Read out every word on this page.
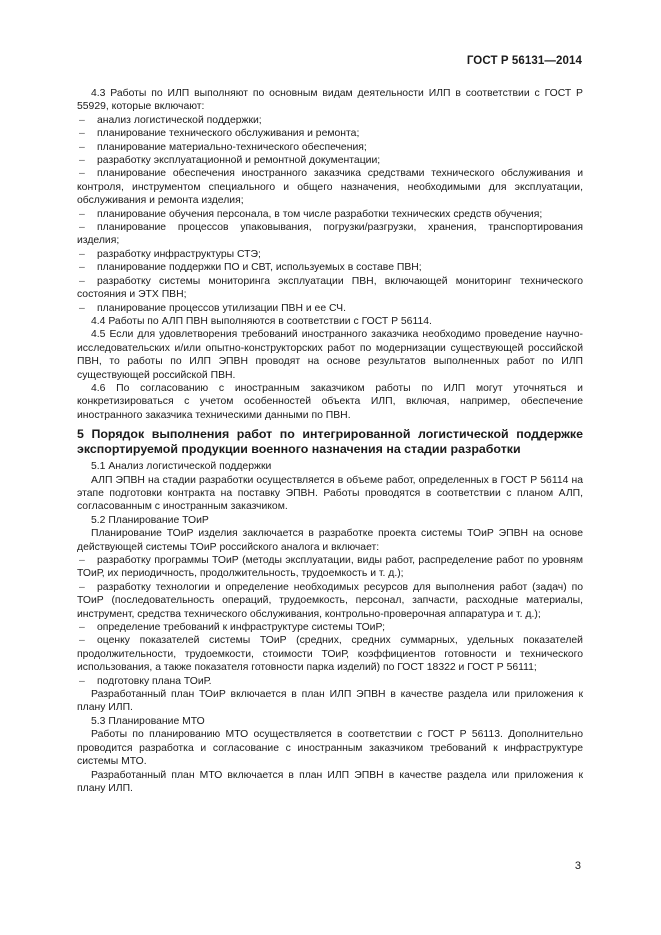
ГОСТ Р 56131—2014

4.3 Работы по ИЛП выполняют по основным видам деятельности ИЛП в соответствии с ГОСТ Р 55929, которые включают:

– анализ логистической поддержки;

– планирование технического обслуживания и ремонта;

– планирование материально-технического обеспечения;

– разработку эксплуатационной и ремонтной документации;

– планирование обеспечения иностранного заказчика средствами технического обслуживания и контроля, инструментом специального и общего назначения, необходимыми для эксплуатации, обслуживания и ремонта изделия;

– планирование обучения персонала, в том числе разработки технических средств обучения;

– планирование процессов упаковывания, погрузки/разгрузки, хранения, транспортирования изделия;

– разработку инфраструктуры СТЭ;

– планирование поддержки ПО и СВТ, используемых в составе ПВН;

– разработку системы мониторинга эксплуатации ПВН, включающей мониторинг технического состояния и ЭТХ ПВН;

– планирование процессов утилизации ПВН и ее СЧ.

4.4 Работы по АЛП ПВН выполняются в соответствии с ГОСТ Р 56114.

4.5 Если для удовлетворения требований иностранного заказчика необходимо проведение научно-исследовательских и/или опытно-конструкторских работ по модернизации существующей российской ПВН, то работы по ИЛП ЭПВН проводят на основе результатов выполненных работ по ИЛП существующей российской ПВН.

4.6 По согласованию с иностранным заказчиком работы по ИЛП могут уточняться и конкретизироваться с учетом особенностей объекта ИЛП, включая, например, обеспечение иностранного заказчика техническими данными по ПВН.

5 Порядок выполнения работ по интегрированной логистической поддержке экспортируемой продукции военного назначения на стадии разработки

5.1 Анализ логистической поддержки

АЛП ЭПВН на стадии разработки осуществляется в объеме работ, определенных в ГОСТ Р 56114 на этапе подготовки контракта на поставку ЭПВН. Работы проводятся в соответствии с планом АЛП, согласованным с иностранным заказчиком.

5.2 Планирование ТОиР

Планирование ТОиР изделия заключается в разработке проекта системы ТОиР ЭПВН на основе действующей системы ТОиР российского аналога и включает:

– разработку программы ТОиР (методы эксплуатации, виды работ, распределение работ по уровням ТОиР, их периодичность, продолжительность, трудоемкость и т. д.);

– разработку технологии и определение необходимых ресурсов для выполнения работ (задач) по ТОиР (последовательность операций, трудоемкость, персонал, запчасти, расходные материалы, инструмент, средства технического обслуживания, контрольно-проверочная аппаратура и т. д.);

– определение требований к инфраструктуре системы ТОиР;

– оценку показателей системы ТОиР (средних, средних суммарных, удельных показателей продолжительности, трудоемкости, стоимости ТОиР, коэффициентов готовности и технического использования, а также показателя готовности парка изделий) по ГОСТ 18322 и ГОСТ Р 56111;

– подготовку плана ТОиР.

Разработанный план ТОиР включается в план ИЛП ЭПВН в качестве раздела или приложения к плану ИЛП.

5.3 Планирование МТО

Работы по планированию МТО осуществляется в соответствии с ГОСТ Р 56113. Дополнительно проводится разработка и согласование с иностранным заказчиком требований к инфраструктуре системы МТО.

Разработанный план МТО включается в план ИЛП ЭПВН в качестве раздела или приложения к плану ИЛП.

3
